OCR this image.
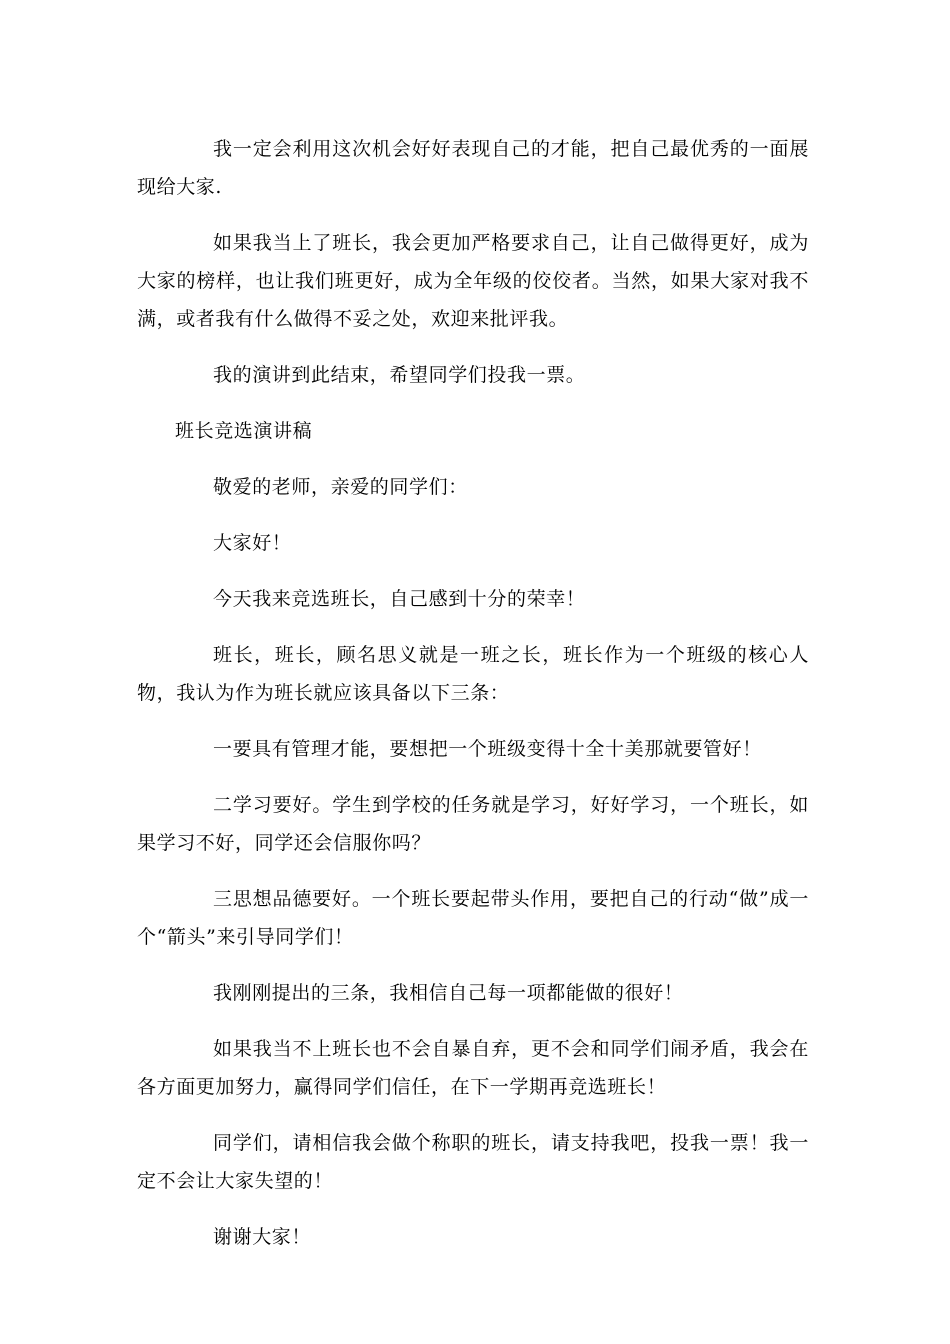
我一定会利用这次机会好好表现自己的才能，把自己最优秀的一面展现给大家.

如果我当上了班长，我会更加严格要求自己，让自己做得更好，成为大家的榜样，也让我们班更好，成为全年级的佼佼者。当然，如果大家对我不满，或者我有什么做得不妥之处，欢迎来批评我。

我的演讲到此结束，希望同学们投我一票。

班长竞选演讲稿

敬爱的老师，亲爱的同学们：

大家好！

今天我来竞选班长，自己感到十分的荣幸！

班长，班长，顾名思义就是一班之长，班长作为一个班级的核心人物，我认为作为班长就应该具备以下三条：

一要具有管理才能，要想把一个班级变得十全十美那就要管好！

二学习要好。学生到学校的任务就是学习，好好学习，一个班长，如果学习不好，同学还会信服你吗？

三思想品德要好。一个班长要起带头作用，要把自己的行动“做”成一个“箭头”来引导同学们！

我刚刚提出的三条，我相信自己每一项都能做的很好！

如果我当不上班长也不会自暴自弃，更不会和同学们闹矛盾，我会在各方面更加努力，赢得同学们信任，在下一学期再竞选班长！

同学们，请相信我会做个称职的班长，请支持我吧，投我一票！我一定不会让大家失望的！

谢谢大家！
